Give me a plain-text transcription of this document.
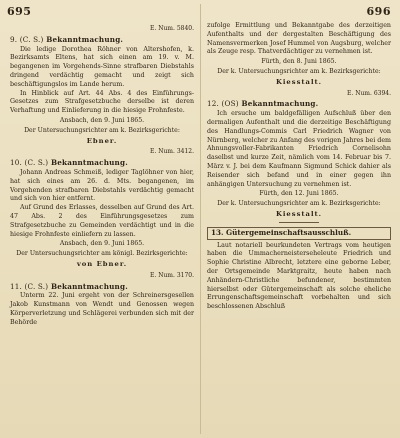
695	696
E. Num. 5840.
9. (C. S.) Bekanntmachung.
Die ledige Dorothea Röhner von Altershofen, k. Bezirksamts Eltens, hat sich einen am 19. v. M. begangenen im Vorgehends-Sinne strafbaren Diebstahls dringend verdächtig gemacht und zeigt sich beschäftigungslos im Lande herum.
In Hinblick auf Art. 44 Abs. 4 des Einführungs-Gesetzes zum Strafgesetzbuche derselbe ist deren Verhaftung und Einlieferung in die hiesige Frohnfeste.
Ansbach, den 9. Juni 1865.
Der Untersuchungsrichter am k. Bezirksgerichte:
Ebner.
E. Num. 3412.
10. (C. S.) Bekanntmachung.
Johann Andreas Schmeiß, lediger Taglöhner von hier, hat sich eines am 26. d. Mts. begangenen, im Vorgehenden strafbaren Diebstahls verdächtig gemacht und sich von hier entfernt.
Auf Grund des Erlasses, desselben auf Grund des Art. 47 Abs. 2 des Einführungsgesetzes zum Strafgesetzbuche zu Gemeinden verdächtigt und in die hiesige Frohnfeste einliefern zu lassen.
Ansbach, den 9. Juni 1865.
Der Untersuchungsrichter am königl. Bezirksgerichte:
von Ebner.
E. Num. 3170.
11. (C. S.) Bekanntmachung.
Unterm 22. Juni ergeht von der Schreinersgesellen Jakob Kunstmann von Wendt und Genossen wegen Körperverletzung und Schlägerei verbunden sich mit der Behörde
zufolge Ermittlung und Bekanntgabe des derzeitigen Aufenthalts und der dergestalten Beschäftigung des Namensvermerken Josef Hummel von Augsburg, welcher als Zeuge resp. Thatverdächtiger zu vernehmen ist.
Fürth, den 8. Juni 1865.
Der k. Untersuchungsrichter am k. Bezirksgerichte:
Kiesstalt.
E. Num. 6394.
12. (OS) Bekanntmachung.
Ich ersuche um baldgefälligen Aufschluß über den dermaligen Aufenthalt und die derzeitige Beschäftigung des Handlungs-Commis Carl Friedrich Wagner von Nürnberg, welcher zu Anfang des vorigen Jahres bei dem Ahnungsvoller-Fabrikanten Friedrich Cornelisohn daselbst und kurze Zeit, nämlich vom 14. Februar bis 7. März v. J. bei dem Kaufmann Sigmund Schick dahier als Reisender sich befand und in einer gegen ihn anhängigen Untersuchung zu vernehmen ist.
Fürth, den 12. Juni 1865.
Der k. Untersuchungsrichter am k. Bezirksgerichte:
Kiesstalt.
13. Gütergemeinschaftsausschluß.
Laut notariell beurkundeten Vertrags vom heutigen haben die Ummacherneisterseheleute Friedrich und Sophie Christine Albrecht, letztere eine geborne Leber, der Ortsgemeinde Marktgraitz, heute haben nach Anhändern-Christliche befundener, bestimmten hierselbst oder Gütergemeinschaft als solche eheliche Errungenschaftsgemeinschaft vorbehalten und sich beschlossenen Abschluß
